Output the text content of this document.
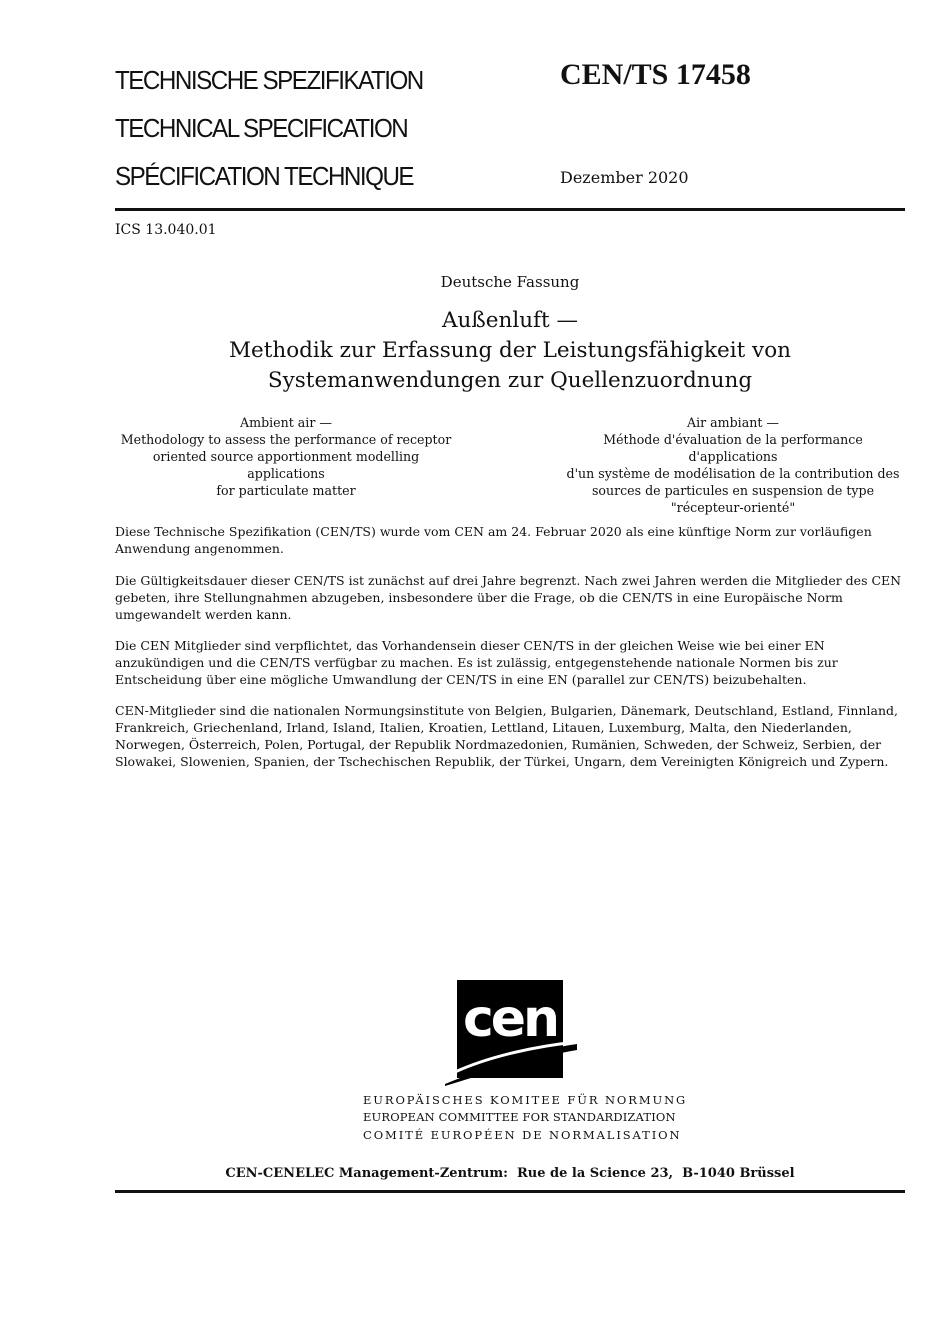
TECHNISCHE SPEZIFIKATION
TECHNICAL SPECIFICATION
SPÉCIFICATION TECHNIQUE
CEN/TS 17458
Dezember 2020
ICS 13.040.01
Deutsche Fassung
Außenluft —
Methodik zur Erfassung der Leistungsfähigkeit von
Systemanwendungen zur Quellenzuordnung
Ambient air —
Methodology to assess the performance of receptor
oriented source apportionment modelling applications
for particulate matter
Air ambiant —
Méthode d'évaluation de la performance d'applications
d'un système de modélisation de la contribution des
sources de particules en suspension de type
"récepteur-orienté"
Diese Technische Spezifikation (CEN/TS) wurde vom CEN am 24. Februar 2020 als eine künftige Norm zur vorläufigen Anwendung angenommen.
Die Gültigkeitsdauer dieser CEN/TS ist zunächst auf drei Jahre begrenzt. Nach zwei Jahren werden die Mitglieder des CEN gebeten, ihre Stellungnahmen abzugeben, insbesondere über die Frage, ob die CEN/TS in eine Europäische Norm umgewandelt werden kann.
Die CEN Mitglieder sind verpflichtet, das Vorhandensein dieser CEN/TS in der gleichen Weise wie bei einer EN anzukündigen und die CEN/TS verfügbar zu machen. Es ist zulässig, entgegenstehende nationale Normen bis zur Entscheidung über eine mögliche Umwandlung der CEN/TS in eine EN (parallel zur CEN/TS) beizubehalten.
CEN-Mitglieder sind die nationalen Normungsinstitute von Belgien, Bulgarien, Dänemark, Deutschland, Estland, Finnland, Frankreich, Griechenland, Irland, Island, Italien, Kroatien, Lettland, Litauen, Luxemburg, Malta, den Niederlanden, Norwegen, Österreich, Polen, Portugal, der Republik Nordmazedonien, Rumänien, Schweden, der Schweiz, Serbien, der Slowakei, Slowenien, Spanien, der Tschechischen Republik, der Türkei, Ungarn, dem Vereinigten Königreich und Zypern.
cen
EUROPÄISCHES KOMITEE FÜR NORMUNG
EUROPEAN COMMITTEE FOR STANDARDIZATION
COMITÉ EUROPÉEN DE NORMALISATION
CEN-CENELEC Management-Zentrum:  Rue de la Science 23,  B-1040 Brüssel
